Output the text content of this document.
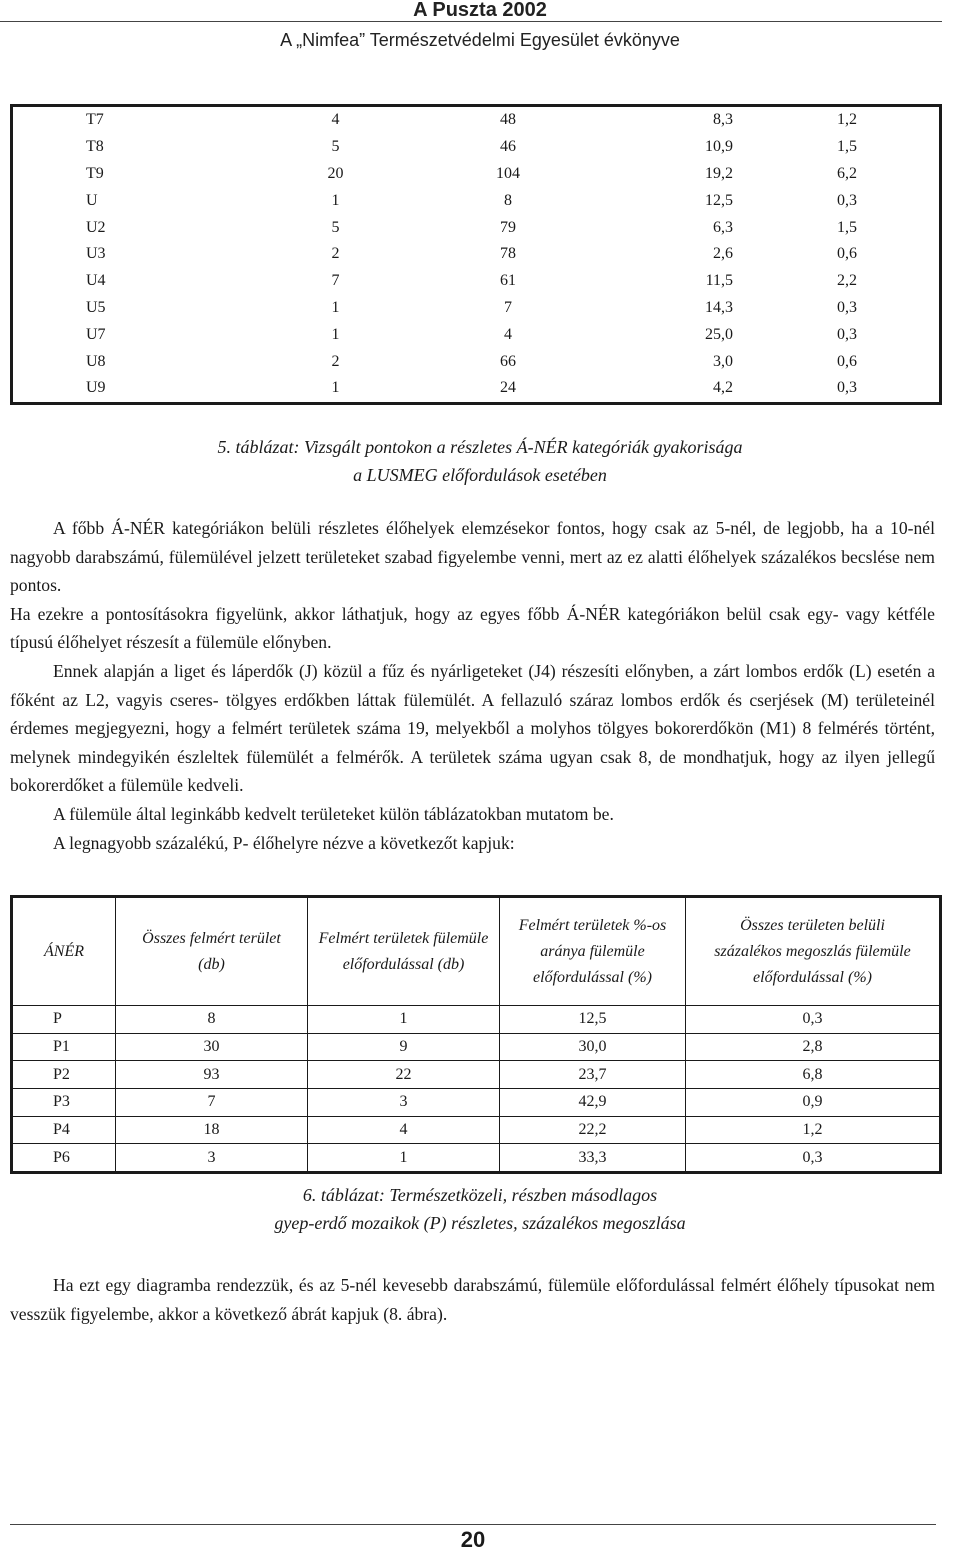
A Puszta 2002
A „Nimfea” Természetvédelmi Egyesület évkönyve
T7	4	48	8,3	1,2
T8	5	46	10,9	1,5
T9	20	104	19,2	6,2
U	1	8	12,5	0,3
U2	5	79	6,3	1,5
U3	2	78	2,6	0,6
U4	7	61	11,5	2,2
U5	1	7	14,3	0,3
U7	1	4	25,0	0,3
U8	2	66	3,0	0,6
U9	1	24	4,2	0,3
5. táblázat: Vizsgált pontokon a részletes Á-NÉR kategóriák gyakorisága
a LUSMEG előfordulások esetében

A főbb Á-NÉR kategóriákon belüli részletes élőhelyek elemzésekor fontos, hogy csak az 5-nél, de legjobb, ha a 10-nél nagyobb darabszámú, fülemülével jelzett területeket szabad figyelembe venni, mert az ez alatti élőhelyek százalékos becslése nem pontos.

Ha ezekre a pontosításokra figyelünk, akkor láthatjuk, hogy az egyes főbb Á-NÉR kategóriákon belül csak egy- vagy kétféle típusú élőhelyet részesít a fülemüle előnyben.

Ennek alapján a liget és láperdők (J) közül a fűz és nyárligeteket (J4) részesíti előnyben, a zárt lombos erdők (L) esetén a főként az L2, vagyis cseres- tölgyes erdőkben láttak fülemülét. A fellazuló száraz lombos erdők és cserjések (M) területeinél érdemes megjegyezni, hogy a felmért területek száma 19, melyekből a molyhos tölgyes bokorerdőkön (M1) 8 felmérés történt, melynek mindegyikén észleltek fülemülét a felmérők. A területek száma ugyan csak 8, de mondhatjuk, hogy az ilyen jellegű bokorerdőket a fülemüle kedveli.

A fülemüle által leginkább kedvelt területeket külön táblázatokban mutatom be.

A legnagyobb százalékú, P- élőhelyre nézve a következőt kapjuk:

ÁNÉR	Összes felmért terület (db)	Felmért területek fülemüle előfordulással (db)	Felmért területek %-os aránya fülemüle előfordulással (%)	Összes területen belüli százalékos megoszlás fülemüle előfordulással (%)

P	8	1	12,5	0,3
P1	30	9	30,0	2,8
P2	93	22	23,7	6,8
P3	7	3	42,9	0,9
P4	18	4	22,2	1,2
P6	3	1	33,3	0,3
6. táblázat: Természetközeli, részben másodlagos
gyep-erdő mozaikok (P) részletes, százalékos megoszlása

Ha ezt egy diagramba rendezzük, és az 5-nél kevesebb darabszámú, fülemüle előfordulással felmért élőhely típusokat nem vesszük figyelembe, akkor a következő ábrát kapjuk (8. ábra).

20
